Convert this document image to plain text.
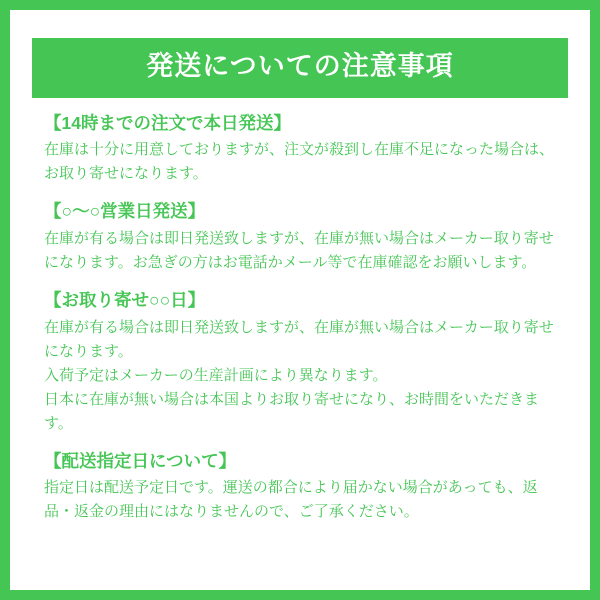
発送についての注意事項
【14時までの注文で本日発送】

在庫は十分に用意しておりますが、注文が殺到し在庫不足になった場合は、お取り寄せになります。

【○～○営業日発送】

在庫が有る場合は即日発送致しますが、在庫が無い場合はメーカー取り寄せになります。お急ぎの方はお電話かメール等で在庫確認をお願いします。

【お取り寄せ○○日】

在庫が有る場合は即日発送致しますが、在庫が無い場合はメーカー取り寄せになります。

入荷予定はメーカーの生産計画により異なります。

日本に在庫が無い場合は本国よりお取り寄せになり、お時間をいただきます。

【配送指定日について】

指定日は配送予定日です。運送の都合により届かない場合があっても、返品・返金の理由にはなりませんので、ご了承ください。
